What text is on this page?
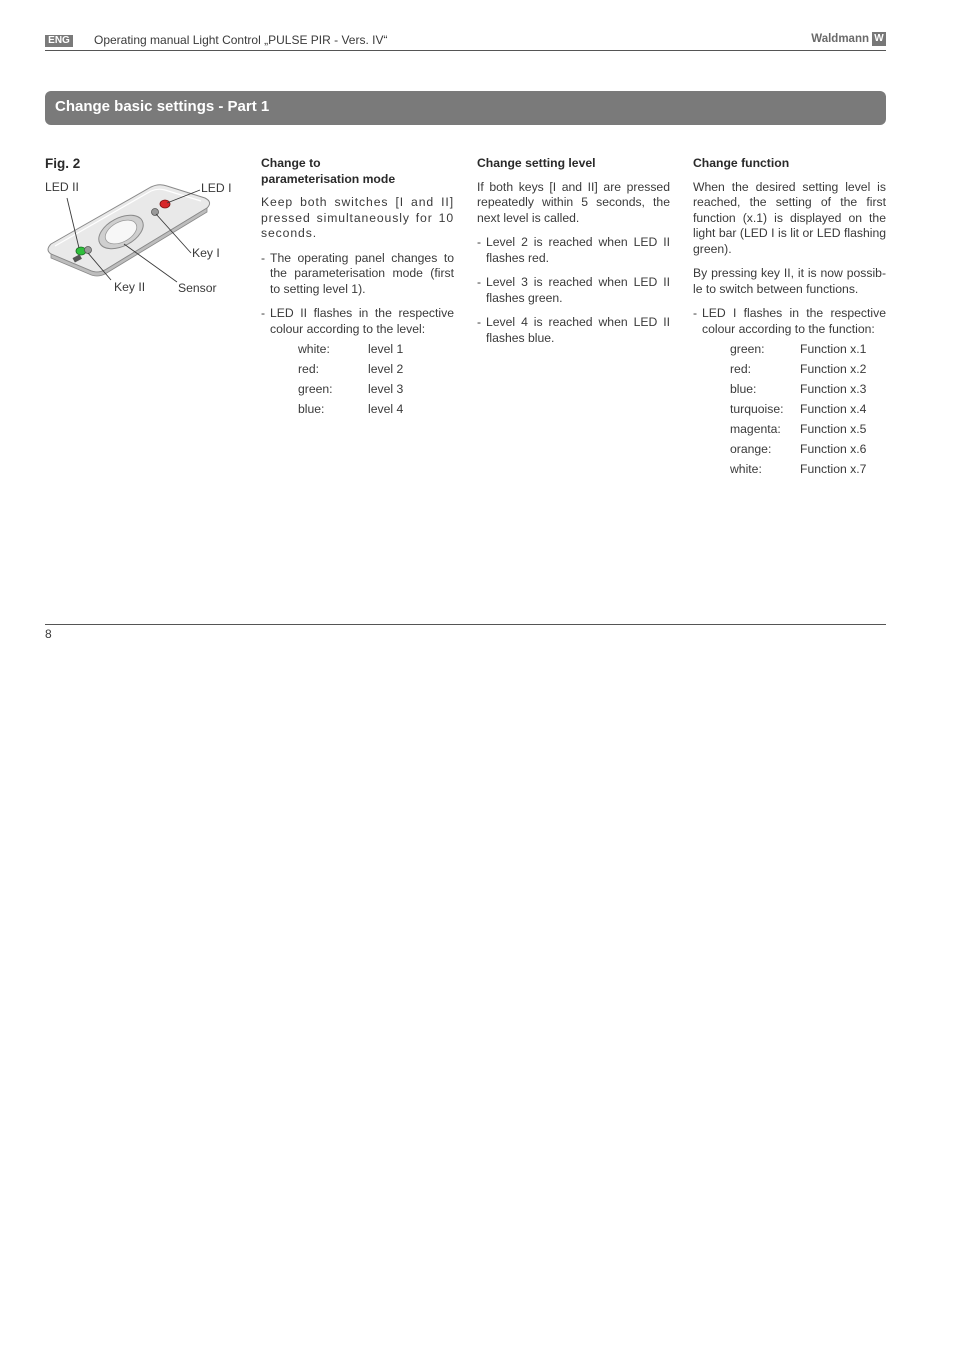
ENG Operating manual Light Control „PULSE PIR - Vers. IV“	Waldmann W
Change basic settings - Part 1
Fig. 2
LED II	LED I
Key I
Key II	Sensor
Change to
parameterisation mode

Keep both switches [I and II] pressed simultaneously for 10 seconds.

- The operating panel changes to the parameterisation mode (first to setting level 1).
- LED II flashes in the respective colour according to the level:
white:	level 1
red:	level 2
green:	level 3
blue:	level 4
Change setting level

If both keys [I and II] are pressed repeatedly within 5 seconds, the next level is called.

- Level 2 is reached when LED II flashes red.
- Level 3 is reached when LED II flashes green.
- Level 4 is reached when LED II flashes blue.
Change function

When the desired setting level is reached, the setting of the first function (x.1) is displayed on the light bar (LED I is lit or LED flashing green).

By pressing key II, it is now possib-le to switch between functions.

- LED I flashes in the respective colour according to the function:
green:	Function x.1
red:	Function x.2
blue:	Function x.3
turquoise:	Function x.4
magenta:	Function x.5
orange:	Function x.6
white:	Function x.7
8
